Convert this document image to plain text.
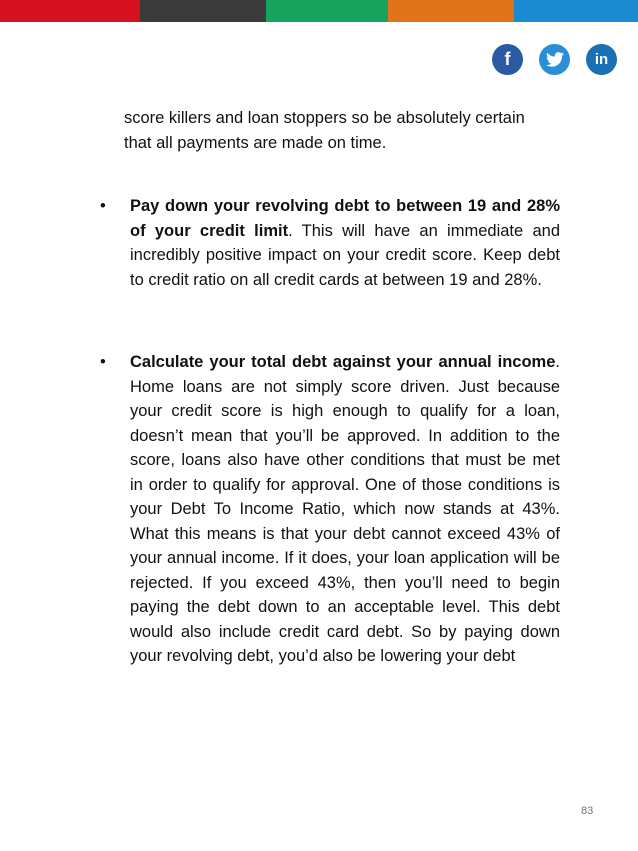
f	in
score killers and loan stoppers so be absolutely certain that all payments are made on time.
•	Pay down your revolving debt to between 19 and 28% of your credit limit. This will have an immediate and incredibly positive impact on your credit score. Keep debt to credit ratio on all credit cards at between 19 and 28%.
•	Calculate your total debt against your annual income. Home loans are not simply score driven. Just because your credit score is high enough to qualify for a loan, doesn’t mean that you’ll be approved. In addition to the score, loans also have other conditions that must be met in order to qualify for approval. One of those conditions is your Debt To Income Ratio, which now stands at 43%. What this means is that your debt cannot exceed 43% of your annual income. If it does, your loan application will be rejected. If you exceed 43%, then you’ll need to begin paying the debt down to an acceptable level. This debt would also include credit card debt. So by paying down your revolving debt, you’d also be lowering your debt
83
